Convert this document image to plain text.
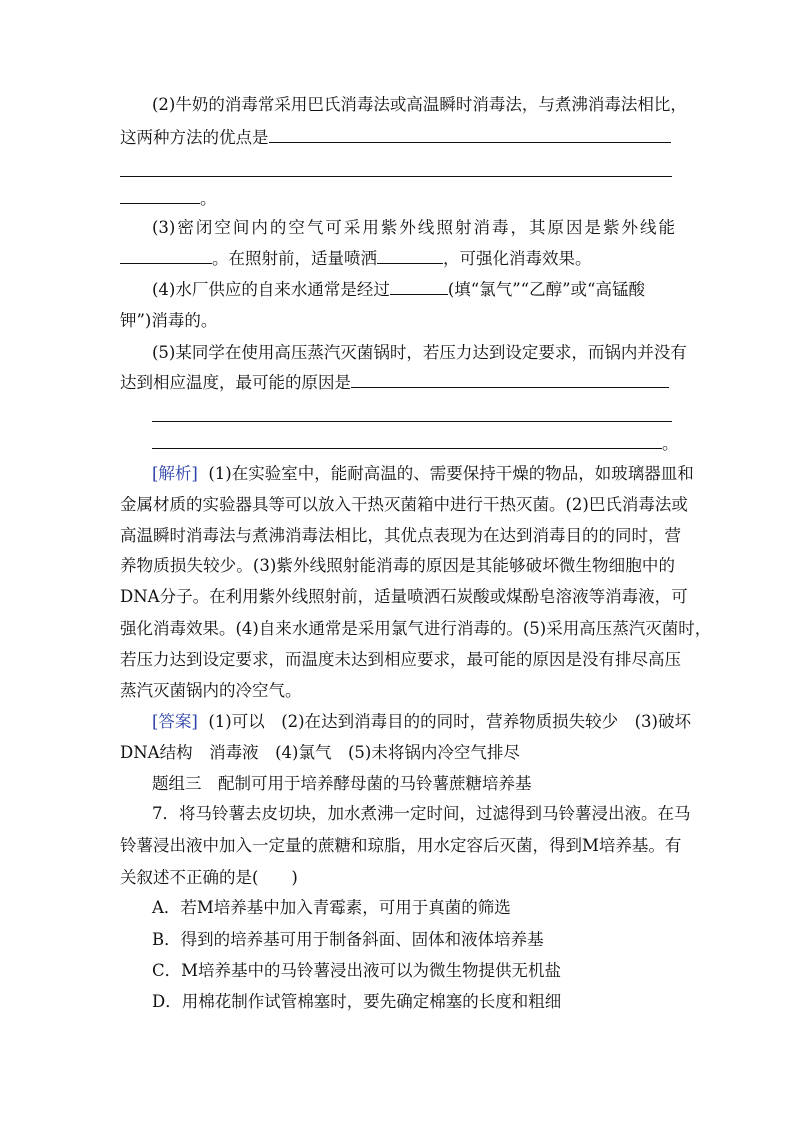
(2)牛奶的消毒常采用巴氏消毒法或高温瞬时消毒法，与煮沸消毒法相比，
这两种方法的优点是
。
(3)密闭空间内的空气可采用紫外线照射消毒，其原因是紫外线能
。在照射前，适量喷洒	，可强化消毒效果。
(4)水厂供应的自来水通常是经过	(填“氯气”“乙醇”或“高锰酸
钾”)消毒的。
(5)某同学在使用高压蒸汽灭菌锅时，若压力达到设定要求，而锅内并没有
达到相应温度，最可能的原因是
。
[解析] (1)在实验室中，能耐高温的、需要保持干燥的物品，如玻璃器皿和
金属材质的实验器具等可以放入干热灭菌箱中进行干热灭菌。(2)巴氏消毒法或
高温瞬时消毒法与煮沸消毒法相比，其优点表现为在达到消毒目的的同时，营
养物质损失较少。(3)紫外线照射能消毒的原因是其能够破坏微生物细胞中的
DNA分子。在利用紫外线照射前，适量喷洒石炭酸或煤酚皂溶液等消毒液，可
强化消毒效果。(4)自来水通常是采用氯气进行消毒的。(5)采用高压蒸汽灭菌时，
若压力达到设定要求，而温度未达到相应要求，最可能的原因是没有排尽高压
蒸汽灭菌锅内的冷空气。
[答案] (1)可以　(2)在达到消毒目的的同时，营养物质损失较少　(3)破坏
DNA结构　消毒液　(4)氯气　(5)未将锅内冷空气排尽
题组三　配制可用于培养酵母菌的马铃薯蔗糖培养基
7．将马铃薯去皮切块，加水煮沸一定时间，过滤得到马铃薯浸出液。在马
铃薯浸出液中加入一定量的蔗糖和琼脂，用水定容后灭菌，得到M培养基。有
关叙述不正确的是(　　)
A．若M培养基中加入青霉素，可用于真菌的筛选
B．得到的培养基可用于制备斜面、固体和液体培养基
C．M培养基中的马铃薯浸出液可以为微生物提供无机盐
D．用棉花制作试管棉塞时，要先确定棉塞的长度和粗细
